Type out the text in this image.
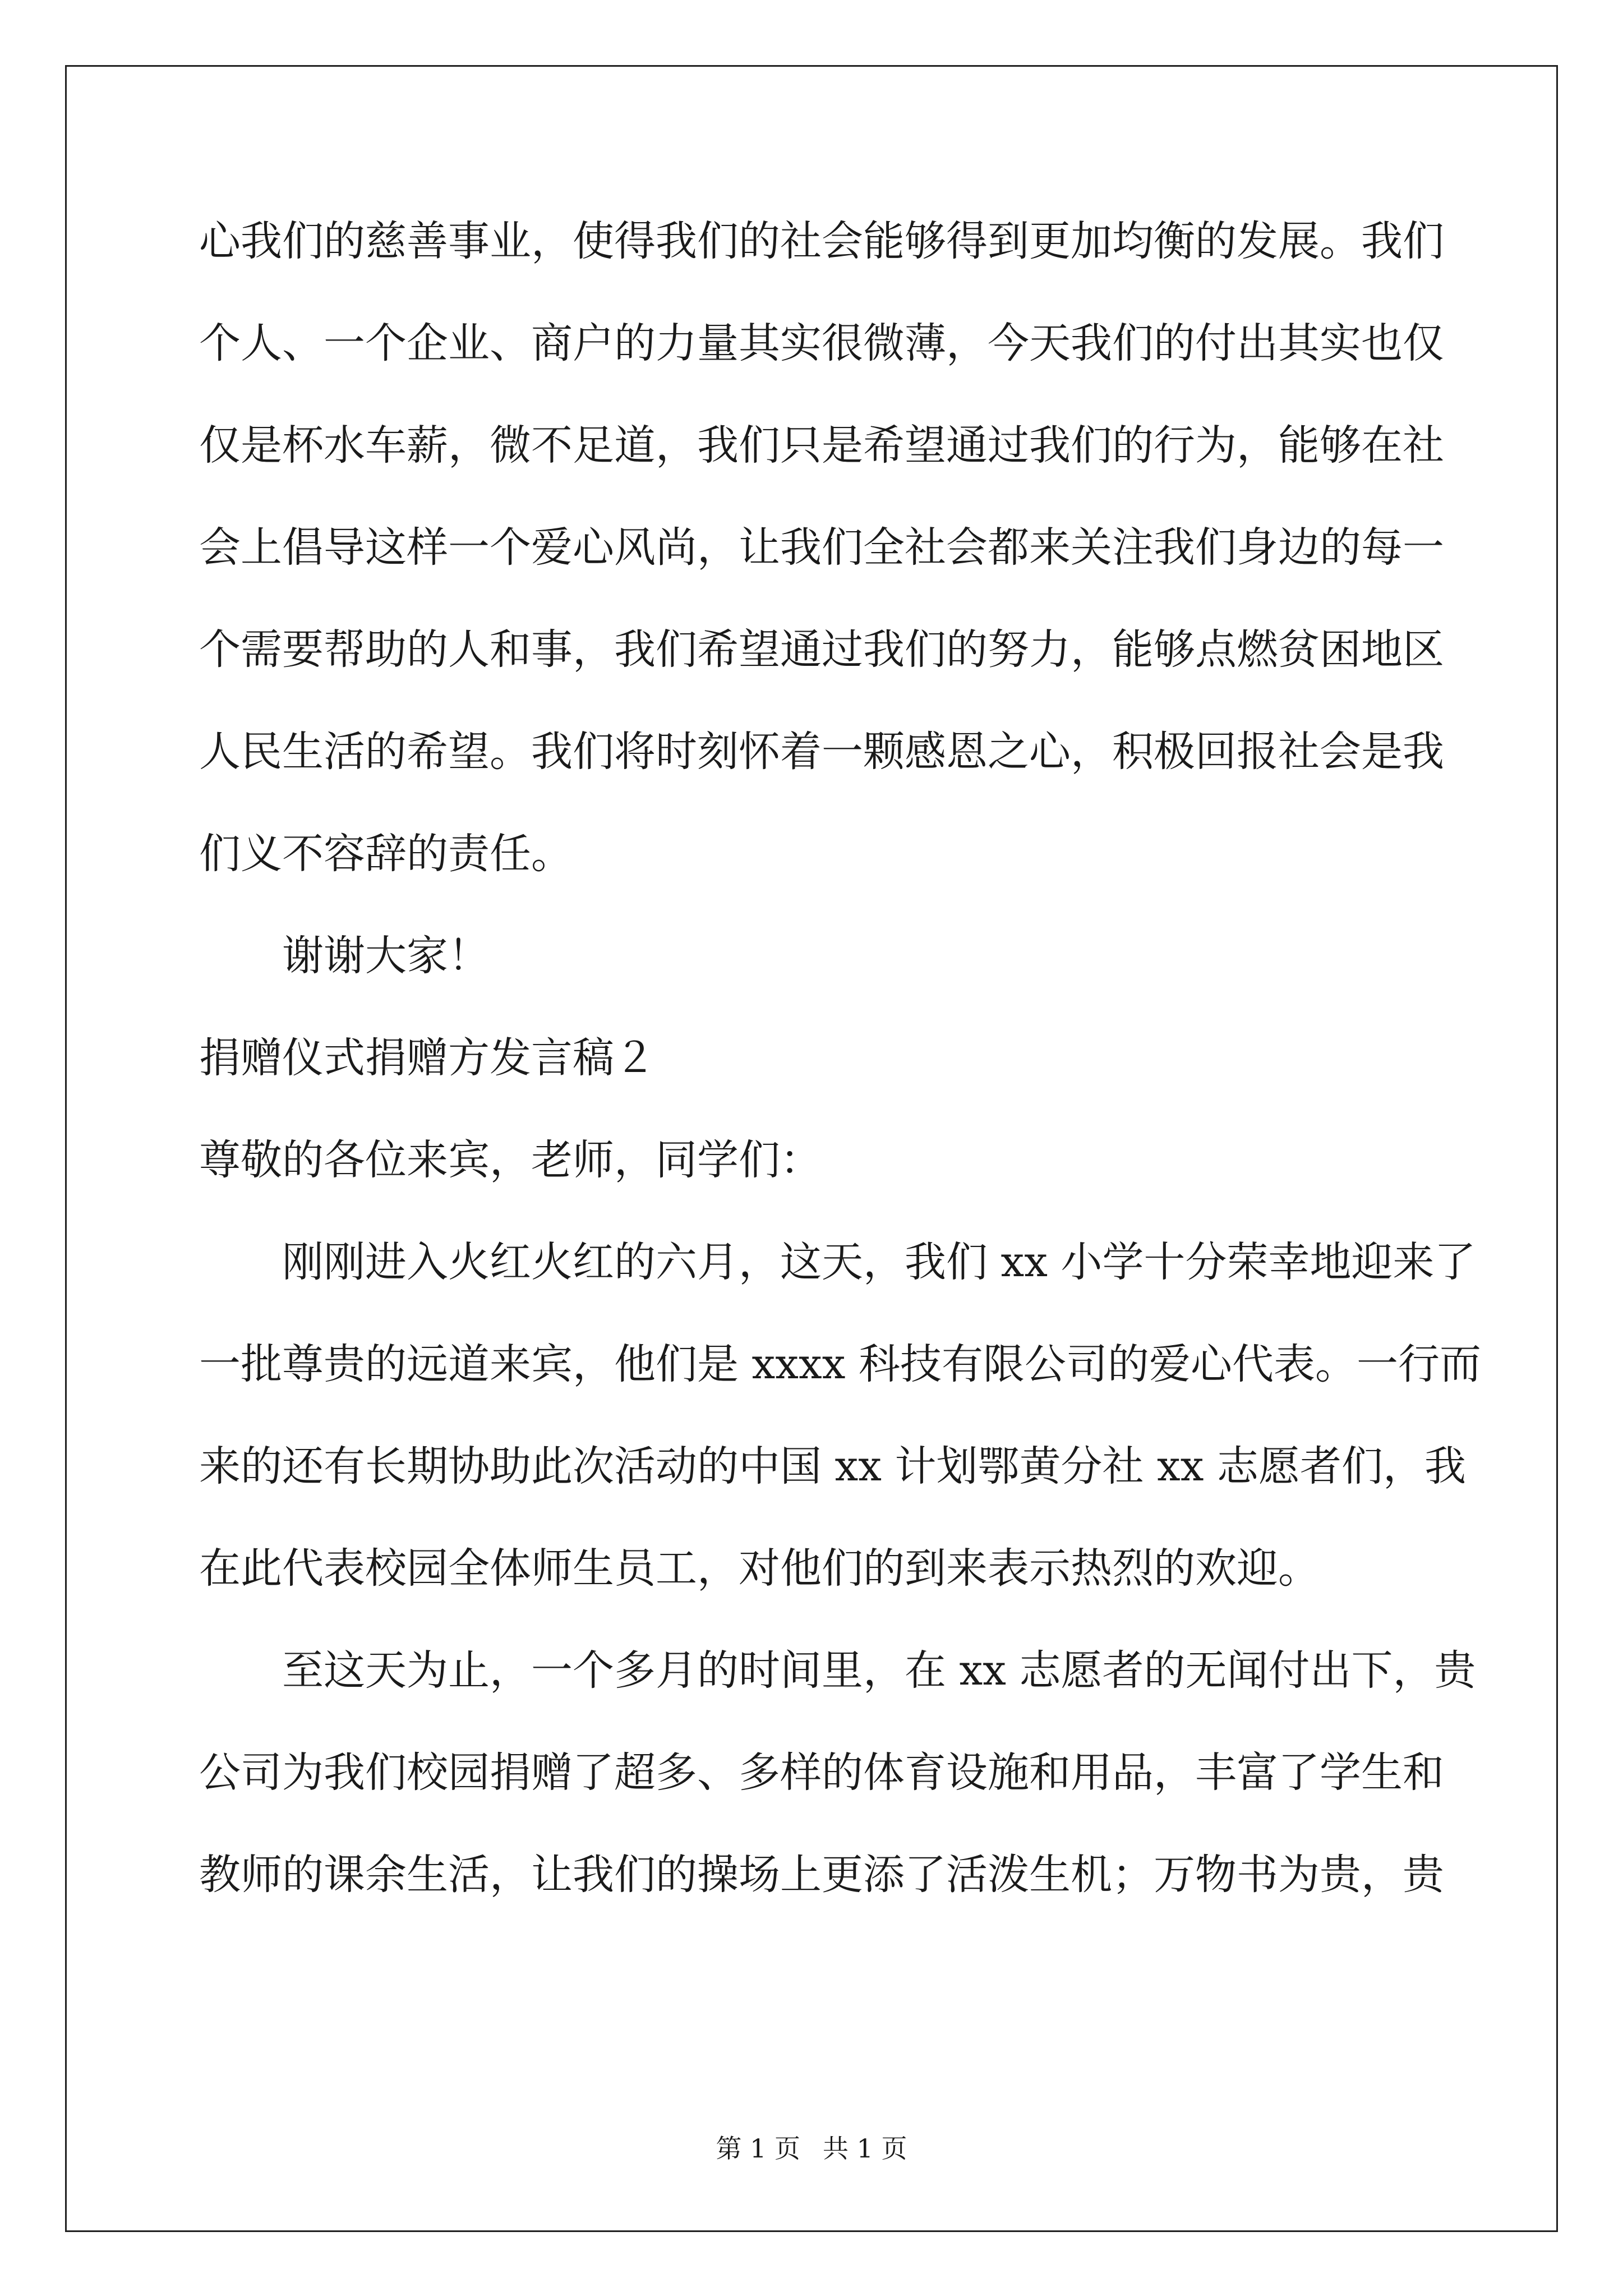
心我们的慈善事业，使得我们的社会能够得到更加均衡的发展。我们
个人、一个企业、商户的力量其实很微薄，今天我们的付出其实也仅
仅是杯水车薪，微不足道，我们只是希望通过我们的行为，能够在社
会上倡导这样一个爱心风尚，让我们全社会都来关注我们身边的每一
个需要帮助的人和事，我们希望通过我们的努力，能够点燃贫困地区
人民生活的希望。我们将时刻怀着一颗感恩之心，积极回报社会是我
们义不容辞的责任。
谢谢大家！
捐赠仪式捐赠方发言稿２
尊敬的各位来宾，老师，同学们：
刚刚进入火红火红的六月，这天，我们 xx 小学十分荣幸地迎来了
一批尊贵的远道来宾，他们是 xxxx 科技有限公司的爱心代表。一行而
来的还有长期协助此次活动的中国 xx 计划鄂黄分社 xx 志愿者们，我
在此代表校园全体师生员工，对他们的到来表示热烈的欢迎。
至这天为止，一个多月的时间里，在 xx 志愿者的无闻付出下，贵
公司为我们校园捐赠了超多、多样的体育设施和用品，丰富了学生和
教师的课余生活，让我们的操场上更添了活泼生机；万物书为贵，贵
第 1 页 共 1 页
